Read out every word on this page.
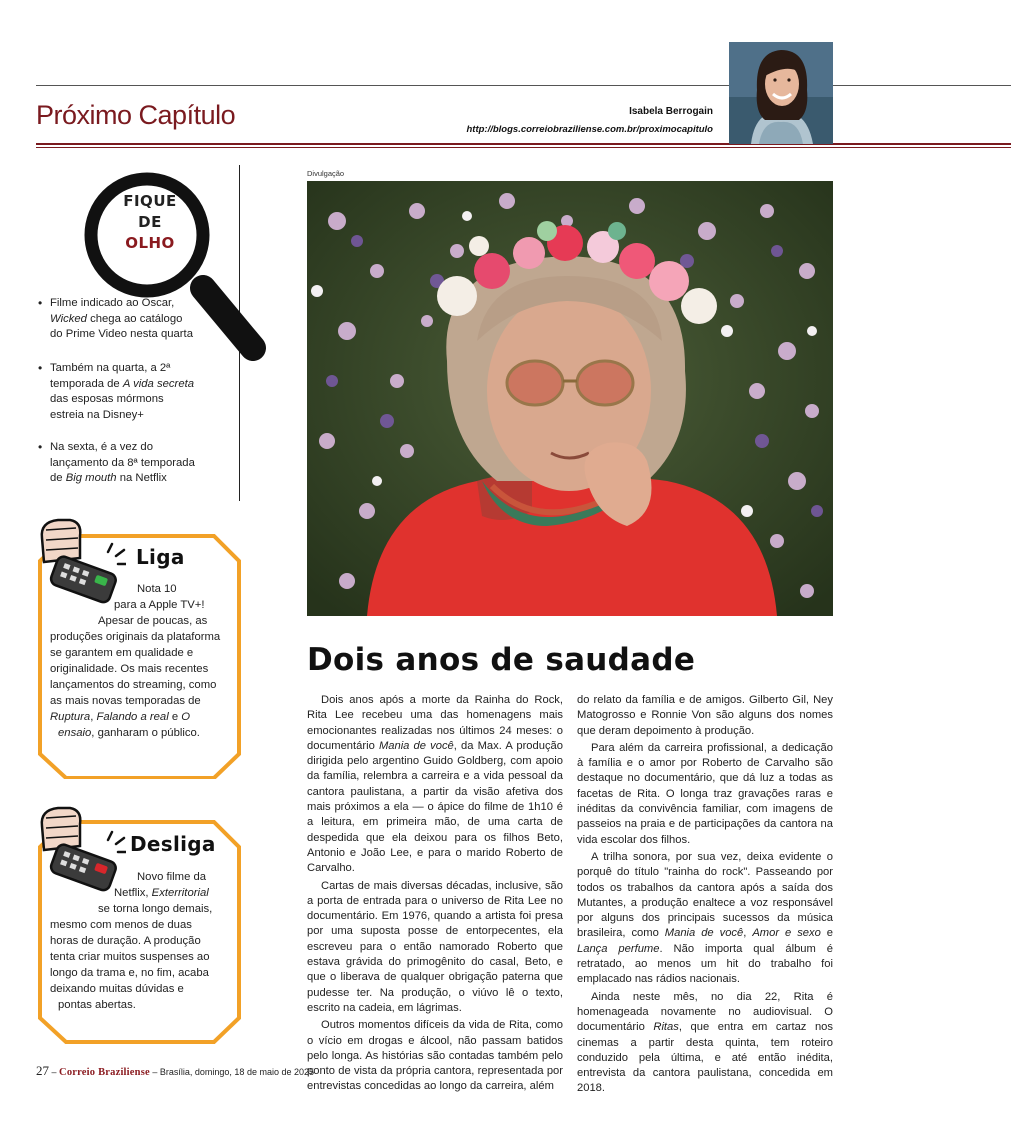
Próximo Capítulo	Isabela Berrogain
http://blogs.correiobraziliense.com.br/proximocapitulo
FIQUE
DE
OLHO
• Filme indicado ao Oscar,
Wicked chega ao catálogo
do Prime Video nesta quarta
• Também na quarta, a 2ª
temporada de A vida secreta
das esposas mórmons
estreia na Disney+
• Na sexta, é a vez do
lançamento da 8ª temporada
de Big mouth na Netflix
Liga
Nota 10
para a Apple TV+!
Apesar de poucas, as
produções originais da plataforma
se garantem em qualidade e
originalidade. Os mais recentes
lançamentos do streaming, como
as mais novas temporadas de
Ruptura, Falando a real e O
ensaio, ganharam o público.
Desliga
Novo filme da
Netflix, Exterritorial
se torna longo demais,
mesmo com menos de duas
horas de duração. A produção
tenta criar muitos suspenses ao
longo da trama e, no fim, acaba
deixando muitas dúvidas e
pontas abertas.
Divulgação
Dois anos de saudade

Dois anos após a morte da Rainha do Rock, Rita Lee recebeu uma das homenagens mais emocionantes realizadas nos últimos 24 meses: o documentário Mania de você, da Max. A produção dirigida pelo argentino Guido Goldberg, com apoio da família, relembra a carreira e a vida pessoal da cantora paulistana, a partir da visão afetiva dos mais próximos a ela — o ápice do filme de 1h10 é a leitura, em primeira mão, de uma carta de despedida que ela deixou para os filhos Beto, Antonio e João Lee, e para o marido Roberto de Carvalho.

Cartas de mais diversas décadas, inclusive, são a porta de entrada para o universo de Rita Lee no documentário. Em 1976, quando a artista foi presa por uma suposta posse de entorpecentes, ela escreveu para o então namorado Roberto que estava grávida do primogênito do casal, Beto, e que o liberava de qualquer obrigação paterna que pudesse ter. Na produção, o viúvo lê o texto, escrito na cadeia, em lágrimas.

Outros momentos difíceis da vida de Rita, como o vício em drogas e álcool, não passam batidos pelo longa. As histórias são contadas também pelo ponto de vista da própria cantora, representada por entrevistas concedidas ao longo da carreira, além

do relato da família e de amigos. Gilberto Gil, Ney Matogrosso e Ronnie Von são alguns dos nomes que deram depoimento à produção.

Para além da carreira profissional, a dedicação à família e o amor por Roberto de Carvalho são destaque no documentário, que dá luz a todas as facetas de Rita. O longa traz gravações raras e inéditas da convivência familiar, com imagens de passeios na praia e de participações da cantora na vida escolar dos filhos.

A trilha sonora, por sua vez, deixa evidente o porquê do título "rainha do rock". Passeando por todos os trabalhos da cantora após a saída dos Mutantes, a produção enaltece a voz responsável por alguns dos principais sucessos da música brasileira, como Mania de você, Amor e sexo e Lança perfume. Não importa qual álbum é retratado, ao menos um hit do trabalho foi emplacado nas rádios nacionais.

Ainda neste mês, no dia 22, Rita é homenageada novamente no audiovisual. O documentário Ritas, que entra em cartaz nos cinemas a partir desta quinta, tem roteiro conduzido pela última, e até então inédita, entrevista da cantora paulistana, concedida em 2018.

27 – Correio Braziliense – Brasília, domingo, 18 de maio de 2025
